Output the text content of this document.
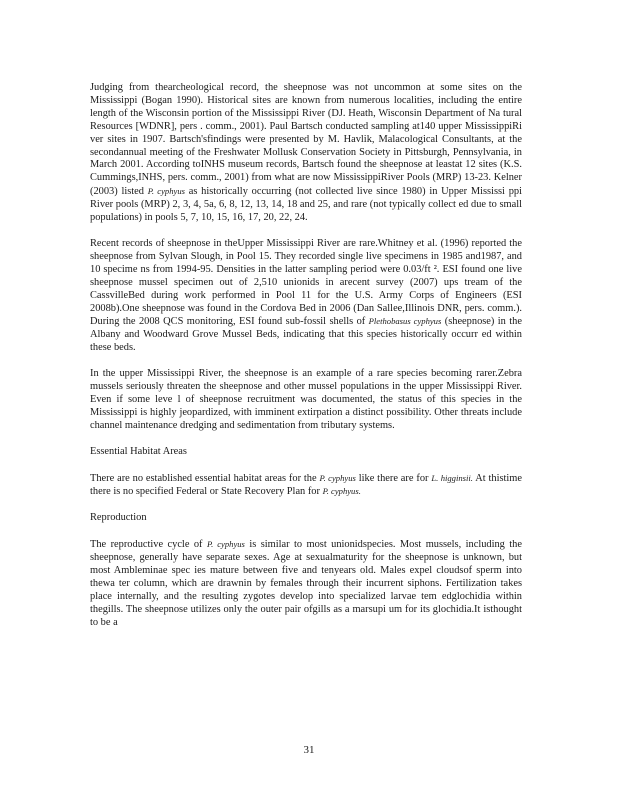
Judging from thearcheological record, the sheepnose was not uncommon at some sites on the Mississippi (Bogan 1990). Historical sites are known from numerous localities, including the entire length of the Wisconsin portion of the Mississippi River (DJ. Heath, Wisconsin Department of Na tural Resources [WDNR], pers . comm., 2001). Paul Bartsch conducted sampling at140 upper MississippiRi ver sites in 1907. Bartsch'sfindings were presented by M. Havlik, Malacological Consultants, at the secondannual meeting of the Freshwater Mollusk Conservation Society in Pittsburgh, Pennsylvania, in March 2001. According toINHS museum records, Bartsch found the sheepnose at leastat 12 sites (K.S. Cummings,INHS, pers. comm., 2001) from what are now MississippiRiver Pools (MRP) 13-23. Kelner (2003) listed P. cyphyus as historically occurring (not collected live since 1980) in Upper Mississi ppi River pools (MRP) 2, 3, 4, 5a, 6, 8, 12, 13, 14, 18 and 25, and rare (not typically collect ed due to small populations) in pools 5, 7, 10, 15, 16, 17, 20, 22, 24.

Recent records of sheepnose in theUpper Mississippi River are rare.Whitney et al. (1996) reported the sheepnose from Sylvan Slough, in Pool 15. They recorded single live specimens in 1985 and1987, and 10 specime ns from 1994-95. Densities in the latter sampling period were 0.03/ft ². ESI found one live sheepnose mussel specimen out of 2,510 unionids in arecent survey (2007) ups tream of the CassvilleBed during work performed in Pool 11 for the U.S. Army Corps of Engineers (ESI 2008b).One sheepnose was found in the Cordova Bed in 2006 (Dan Sallee,Illinois DNR, pers. comm.). During the 2008 QCS monitoring, ESI found sub-fossil shells of Plethobasus cyphyus (sheepnose) in the Albany and Woodward Grove Mussel Beds, indicating that this species historically occurr ed within these beds.

In the upper Mississippi River, the sheepnose is an example of a rare species becoming rarer.Zebra mussels seriously threaten the sheepnose and other mussel populations in the upper Mississippi River. Even if some leve l of sheepnose recruitment was documented, the status of this species in the Mississippi is highly jeopardized, with imminent extirpation a distinct possibility. Other threats include channel maintenance dredging and sedimentation from tributary systems.

Essential Habitat Areas

There are no established essential habitat areas for the P. cyphyus like there are for L. higginsii. At thistime there is no specified Federal or State Recovery Plan for P. cyphyus.

Reproduction

The reproductive cycle of P. cyphyus is similar to most unionidspecies. Most mussels, including the sheepnose, generally have separate sexes. Age at sexualmaturity for the sheepnose is unknown, but most Ambleminae spec ies mature between five and tenyears old. Males expel cloudsof sperm into thewa ter column, which are drawnin by females through their incurrent siphons. Fertilization takes place internally, and the resulting zygotes develop into specialized larvae tem edglochidia within thegills. The sheepnose utilizes only the outer pair ofgills as a marsupi um for its glochidia.It isthought to be a

31
